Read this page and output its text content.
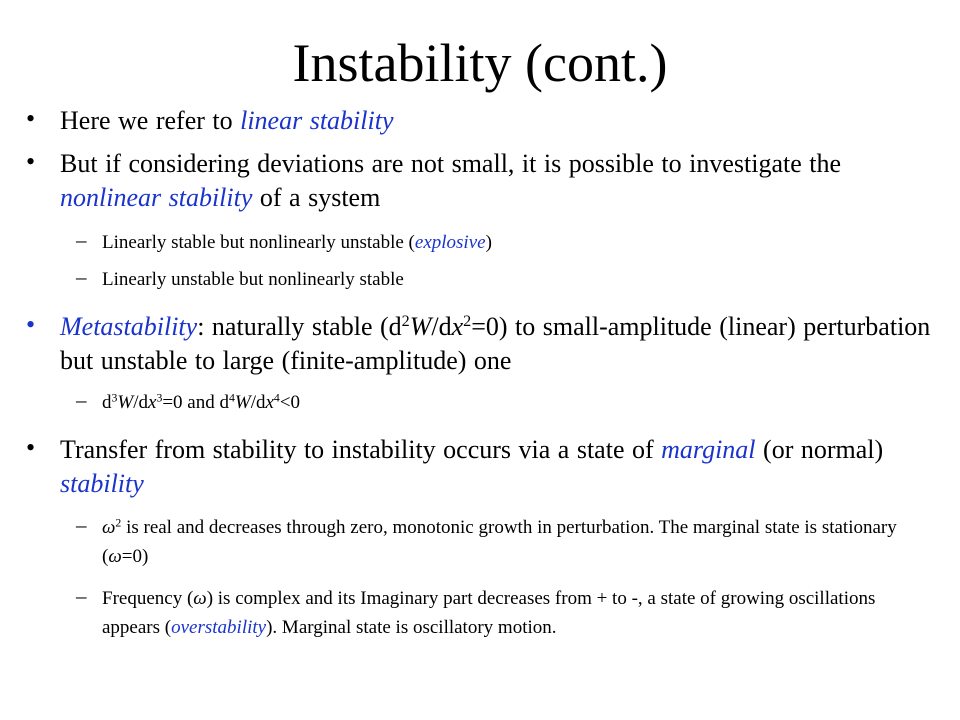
Instability (cont.)
• Here we refer to linear stability
• But if considering deviations are not small, it is possible to investigate the nonlinear stability of a system
– Linearly stable but nonlinearly unstable (explosive)
– Linearly unstable but nonlinearly stable
• Metastability: naturally stable $(d^2W/dx^2=0)$ to small-amplitude (linear) perturbation but unstable to large (finite-amplitude) one
– $d^3W/dx^3=0$ and $d^4W/dx^4<0$
• Transfer from stability to instability occurs via a state of marginal (or normal) stability
– $\omega^2$ is real and decreases through zero, monotonic growth in perturbation. The marginal state is stationary (ω=0)
– Frequency (ω) is complex and its Imaginary part decreases from + to -, a state of growing oscillations appears (overstability). Marginal state is oscillatory motion.
